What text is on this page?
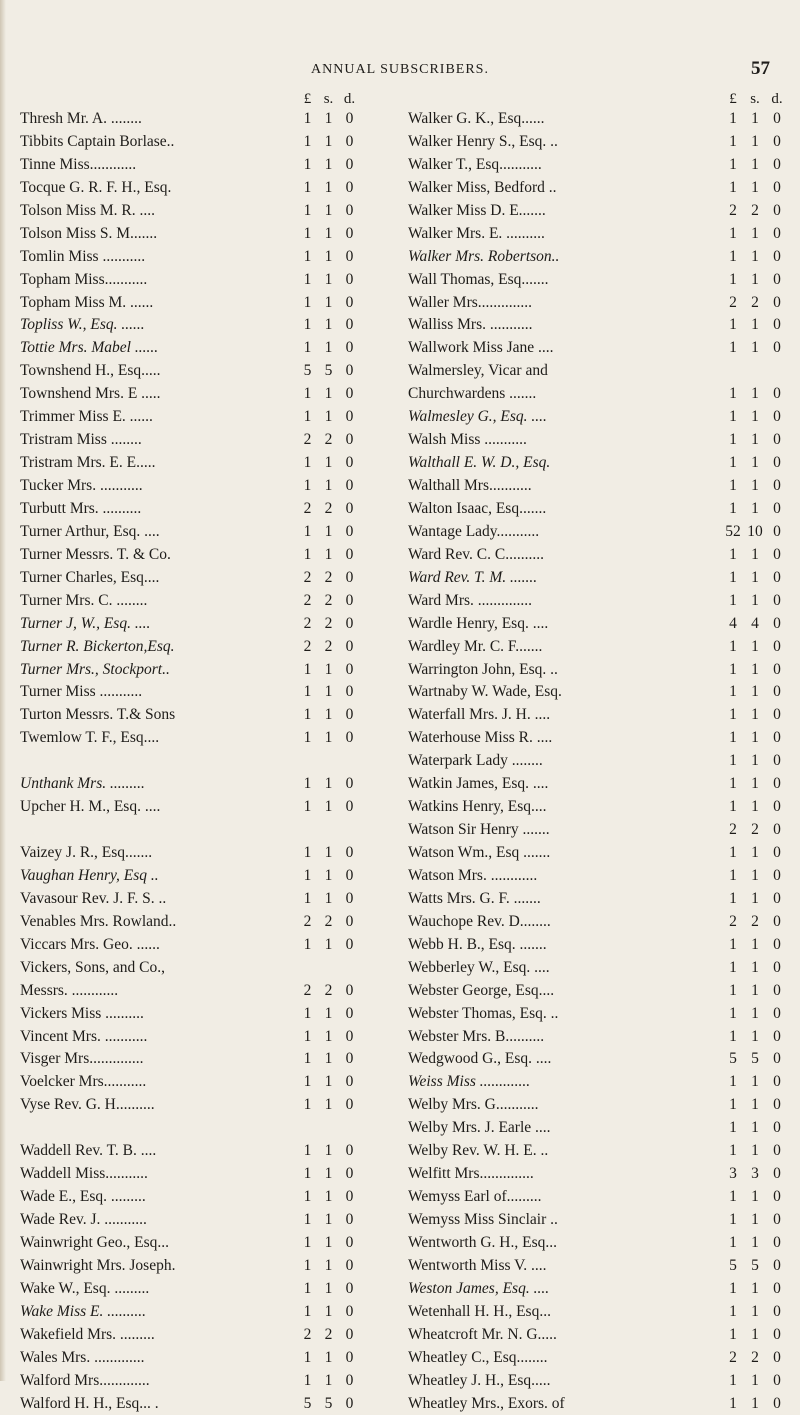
ANNUAL SUBSCRIBERS.	57
£ s. d.
Thresh Mr. A. ........	1 1 0
Tibbits Captain Borlase..	1 1 0
Tinne Miss............	1 1 0
Tocque G. R. F. H., Esq.	1 1 0
Tolson Miss M. R. ....	1 1 0
Tolson Miss S. M.......	1 1 0
Tomlin Miss ...........	1 1 0
Topham Miss...........	1 1 0
Topham Miss M. ......	1 1 0
Topliss W., Esq. ......	1 1 0
Tottie Mrs. Mabel ......	1 1 0
Townshend H., Esq.....	5 5 0
Townshend Mrs. E .....	1 1 0
Trimmer Miss E. ......	1 1 0
Tristram Miss ........	2 2 0
Tristram Mrs. E. E.....	1 1 0
Tucker Mrs. ...........	1 1 0
Turbutt Mrs. ..........	2 2 0
Turner Arthur, Esq. ....	1 1 0
Turner Messrs. T. & Co.	1 1 0
Turner Charles, Esq....	2 2 0
Turner Mrs. C. ........	2 2 0
Turner J, W., Esq. ....	2 2 0
Turner R. Bickerton,Esq.	2 2 0
Turner Mrs., Stockport..	1 1 0
Turner Miss ...........	1 1 0
Turton Messrs. T.& Sons	1 1 0
Twemlow T. F., Esq....	1 1 0
Unthank Mrs. .........	1 1 0
Upcher H. M., Esq. ....	1 1 0
Vaizey J. R., Esq.......	1 1 0
Vaughan Henry, Esq ..	1 1 0
Vavasour Rev. J. F. S. ..	1 1 0
Venables Mrs. Rowland..	2 2 0
Viccars Mrs. Geo. ......	1 1 0
Vickers, Sons, and Co.,
Messrs. ............	2 2 0
Vickers Miss ..........	1 1 0
Vincent Mrs. ...........	1 1 0
Visger Mrs..............	1 1 0
Voelcker Mrs...........	1 1 0
Vyse Rev. G. H..........	1 1 0
Waddell Rev. T. B. ....	1 1 0
Waddell Miss...........	1 1 0
Wade E., Esq. .........	1 1 0
Wade Rev. J. ...........	1 1 0
Wainwright Geo., Esq...	1 1 0
Wainwright Mrs. Joseph.	1 1 0
Wake W., Esq. .........	1 1 0
Wake Miss E. ..........	1 1 0
Wakefield Mrs. .........	2 2 0
Wales Mrs. .............	1 1 0
Walford Mrs.............	1 1 0
Walford H. H., Esq... .	5 5 0
£ s. d.
Walker G. K., Esq......	1 1 0
Walker Henry S., Esq. ..	1 1 0
Walker T., Esq...........	1 1 0
Walker Miss, Bedford ..	1 1 0
Walker Miss D. E.......	2 2 0
Walker Mrs. E. ..........	1 1 0
Walker Mrs. Robertson..	1 1 0
Wall Thomas, Esq.......	1 1 0
Waller Mrs..............	2 2 0
Walliss Mrs. ...........	1 1 0
Wallwork Miss Jane ....	1 1 0
Walmersley, Vicar and
Churchwardens .......	1 1 0
Walmesley G., Esq. ....	1 1 0
Walsh Miss ...........	1 1 0
Walthall E. W. D., Esq.	1 1 0
Walthall Mrs...........	1 1 0
Walton Isaac, Esq.......	1 1 0
Wantage Lady...........	52 10 0
Ward Rev. C. C..........	1 1 0
Ward Rev. T. M. .......	1 1 0
Ward Mrs. ..............	1 1 0
Wardle Henry, Esq. ....	4 4 0
Wardley Mr. C. F.......	1 1 0
Warrington John, Esq. ..	1 1 0
Wartnaby W. Wade, Esq.	1 1 0
Waterfall Mrs. J. H. ....	1 1 0
Waterhouse Miss R. ....	1 1 0
Waterpark Lady ........	1 1 0
Watkin James, Esq. ....	1 1 0
Watkins Henry, Esq....	1 1 0
Watson Sir Henry .......	2 2 0
Watson Wm., Esq .......	1 1 0
Watson Mrs. ............	1 1 0
Watts Mrs. G. F. .......	1 1 0
Wauchope Rev. D........	2 2 0
Webb H. B., Esq. .......	1 1 0
Webberley W., Esq. ....	1 1 0
Webster George, Esq....	1 1 0
Webster Thomas, Esq. ..	1 1 0
Webster Mrs. B..........	1 1 0
Wedgwood G., Esq. ....	5 5 0
Weiss Miss .............	1 1 0
Welby Mrs. G...........	1 1 0
Welby Mrs. J. Earle ....	1 1 0
Welby Rev. W. H. E. ..	1 1 0
Welfitt Mrs..............	3 3 0
Wemyss Earl of.........	1 1 0
Wemyss Miss Sinclair ..	1 1 0
Wentworth G. H., Esq...	1 1 0
Wentworth Miss V. ....	5 5 0
Weston James, Esq. ....	1 1 0
Wetenhall H. H., Esq...	1 1 0
Wheatcroft Mr. N. G.....	1 1 0
Wheatley C., Esq........	2 2 0
Wheatley J. H., Esq.....	1 1 0
Wheatley Mrs., Exors. of	1 1 0
